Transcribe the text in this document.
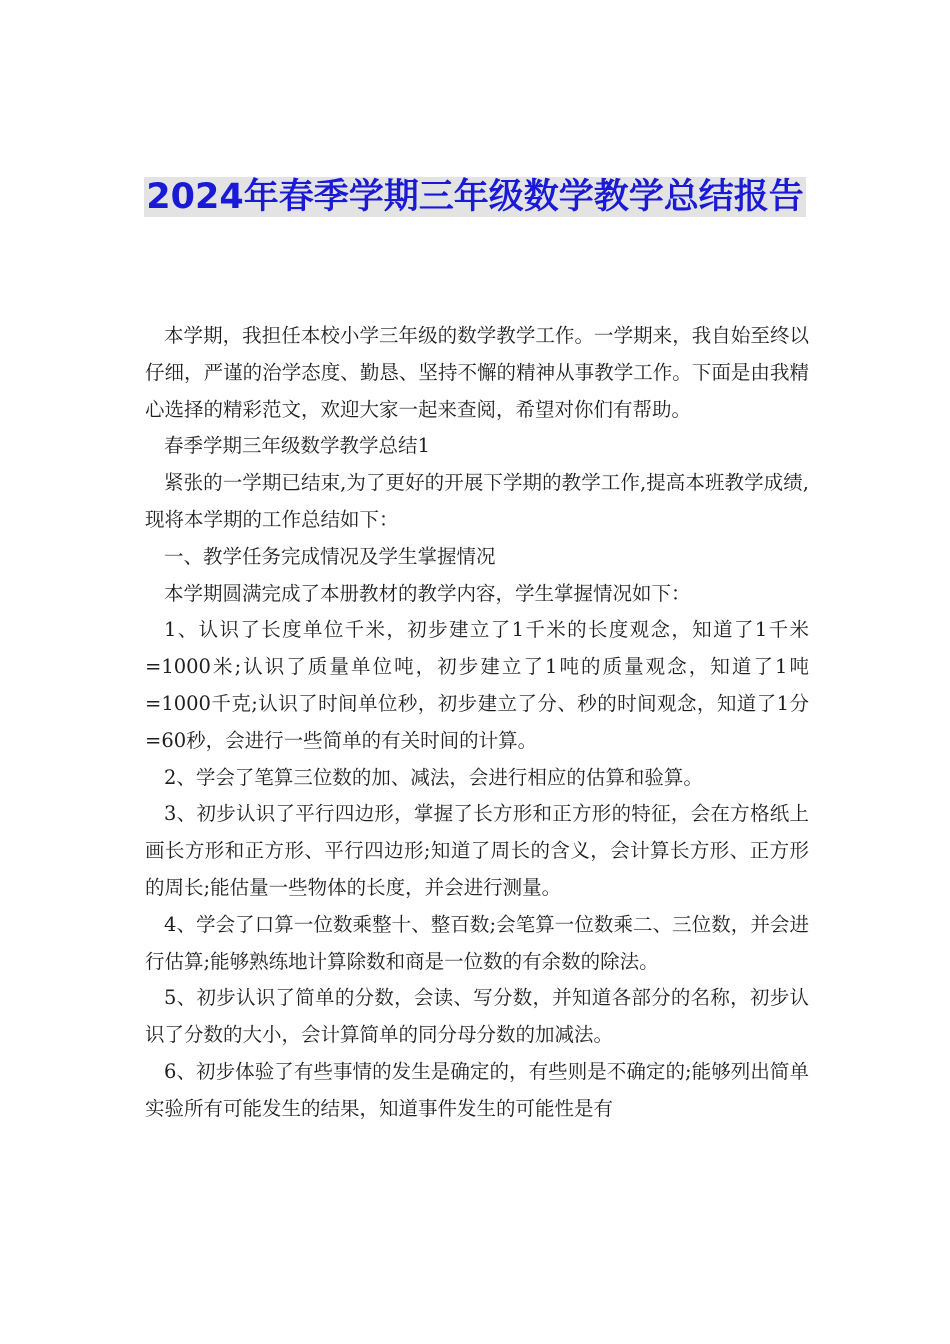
2024年春季学期三年级数学教学总结报告

本学期，我担任本校小学三年级的数学教学工作。一学期来，我自始至终以仔细，严谨的治学态度、勤恳、坚持不懈的精神从事教学工作。下面是由我精心选择的精彩范文，欢迎大家一起来查阅，希望对你们有帮助。

春季学期三年级数学教学总结1

紧张的一学期已结束,为了更好的开展下学期的教学工作,提高本班教学成绩,现将本学期的工作总结如下：

一、教学任务完成情况及学生掌握情况

本学期圆满完成了本册教材的教学内容，学生掌握情况如下：

1、认识了长度单位千米，初步建立了1千米的长度观念，知道了1千米=1000米;认识了质量单位吨，初步建立了1吨的质量观念，知道了1吨=1000千克;认识了时间单位秒，初步建立了分、秒的时间观念，知道了1分=60秒，会进行一些简单的有关时间的计算。

2、学会了笔算三位数的加、减法，会进行相应的估算和验算。

3、初步认识了平行四边形，掌握了长方形和正方形的特征，会在方格纸上画长方形和正方形、平行四边形;知道了周长的含义，会计算长方形、正方形的周长;能估量一些物体的长度，并会进行测量。

4、学会了口算一位数乘整十、整百数;会笔算一位数乘二、三位数，并会进行估算;能够熟练地计算除数和商是一位数的有余数的除法。

5、初步认识了简单的分数，会读、写分数，并知道各部分的名称，初步认识了分数的大小，会计算简单的同分母分数的加减法。

6、初步体验了有些事情的发生是确定的，有些则是不确定的;能够列出简单实验所有可能发生的结果，知道事件发生的可能性是有
